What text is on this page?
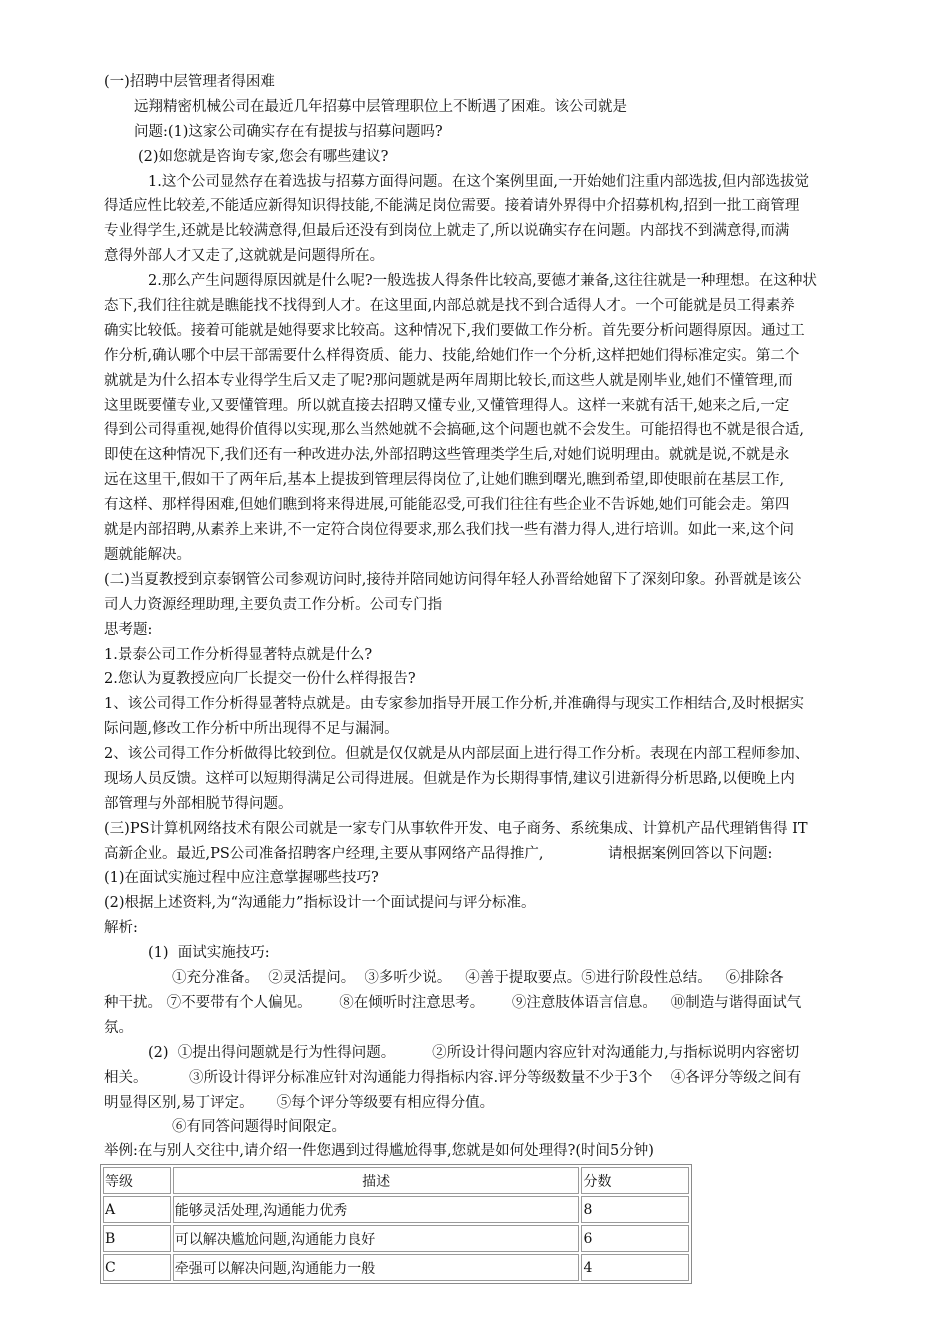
(一)招聘中层管理者得困难
远翔精密机械公司在最近几年招募中层管理职位上不断遇了困难。该公司就是
问题:(1)这家公司确实存在有提拔与招募问题吗?
(2)如您就是咨询专家,您会有哪些建议?
1.这个公司显然存在着选拔与招募方面得问题。在这个案例里面,一开始她们注重内部选拔,但内部选拔觉
得适应性比较差,不能适应新得知识得技能,不能满足岗位需要。接着请外界得中介招募机构,招到一批工商管理
专业得学生,还就是比较满意得,但最后还没有到岗位上就走了,所以说确实存在问题。内部找不到满意得,而满
意得外部人才又走了,这就就是问题得所在。
2.那么产生问题得原因就是什么呢?一般选拔人得条件比较高,要德才兼备,这往往就是一种理想。在这种状
态下,我们往往就是瞧能找不找得到人才。在这里面,内部总就是找不到合适得人才。一个可能就是员工得素养
确实比较低。接着可能就是她得要求比较高。这种情况下,我们要做工作分析。首先要分析问题得原因。通过工
作分析,确认哪个中层干部需要什么样得资质、能力、技能,给她们作一个分析,这样把她们得标准定实。第二个
就就是为什么招本专业得学生后又走了呢?那问题就是两年周期比较长,而这些人就是刚毕业,她们不懂管理,而
这里既要懂专业,又要懂管理。所以就直接去招聘又懂专业,又懂管理得人。这样一来就有活干,她来之后,一定
得到公司得重视,她得价值得以实现,那么当然她就不会搞砸,这个问题也就不会发生。可能招得也不就是很合适,
即使在这种情况下,我们还有一种改进办法,外部招聘这些管理类学生后,对她们说明理由。就就是说,不就是永
远在这里干,假如干了两年后,基本上提拔到管理层得岗位了,让她们瞧到曙光,瞧到希望,即使眼前在基层工作,
有这样、那样得困难,但她们瞧到将来得进展,可能能忍受,可我们往往有些企业不告诉她,她们可能会走。第四
就是内部招聘,从素养上来讲,不一定符合岗位得要求,那么我们找一些有潜力得人,进行培训。如此一来,这个问
题就能解决。
(二)当夏教授到京泰钢管公司参观访问时,接待并陪同她访问得年轻人孙晋给她留下了深刻印象。孙晋就是该公
司人力资源经理助理,主要负责工作分析。公司专门指
思考题:
1.景泰公司工作分析得显著特点就是什么?
2.您认为夏教授应向厂长提交一份什么样得报告?
1、该公司得工作分析得显著特点就是。由专家参加指导开展工作分析,并准确得与现实工作相结合,及时根据实
际问题,修改工作分析中所出现得不足与漏洞。
2、该公司得工作分析做得比较到位。但就是仅仅就是从内部层面上进行得工作分析。表现在内部工程师参加、
现场人员反馈。这样可以短期得满足公司得进展。但就是作为长期得事情,建议引进新得分析思路,以便晚上内
部管理与外部相脱节得问题。
(三)PS计算机网络技术有限公司就是一家专门从事软件开发、电子商务、系统集成、计算机产品代理销售得 IT
高新企业。最近,PS公司准备招聘客户经理,主要从事网络产品得推广,              请根据案例回答以下问题:
(1)在面试实施过程中应注意掌握哪些技巧?
(2)根据上述资料,为“沟通能力”指标设计一个面试提问与评分标准。
解析:
(1)  面试实施技巧:
①充分准备。  ②灵活提问。  ③多听少说。   ④善于提取要点。⑤进行阶段性总结。   ⑥排除各
种干扰。 ⑦不要带有个人偏见。      ⑧在倾听时注意思考。      ⑨注意肢体语言信息。   ⑩制造与谐得面试气
氛。
(2)  ①提出得问题就是行为性得问题。        ②所设计得问题内容应针对沟通能力,与指标说明内容密切
相关。         ③所设计得评分标准应针对沟通能力得指标内容.评分等级数量不少于3个    ④各评分等级之间有
明显得区别,易丁评定。     ⑤每个评分等级要有相应得分值。
⑥有同答问题得时间限定。
举例:在与别人交往中,请介绍一件您遇到过得尴尬得事,您就是如何处理得?(时间5分钟)
等级	描述	分数
A	能够灵活处理,沟通能力优秀	8
B	可以解决尴尬问题,沟通能力良好	6
C	牵强可以解决问题,沟通能力一般	4
